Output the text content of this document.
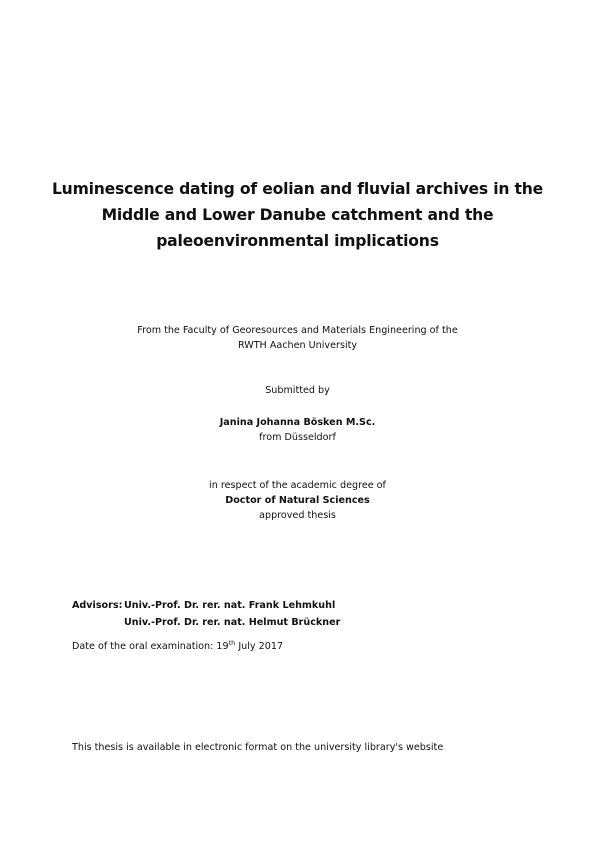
Luminescence dating of eolian and fluvial archives in the
Middle and Lower Danube catchment and the
paleoenvironmental implications
From the Faculty of Georesources and Materials Engineering of the
RWTH Aachen University
Submitted by
Janina Johanna Bösken M.Sc.
from Düsseldorf
in respect of the academic degree of
Doctor of Natural Sciences
approved thesis
Advisors: Univ.-Prof. Dr. rer. nat. Frank Lehmkuhl
Univ.-Prof. Dr. rer. nat. Helmut Brückner
Date of the oral examination: 19th July 2017
This thesis is available in electronic format on the university library's website
